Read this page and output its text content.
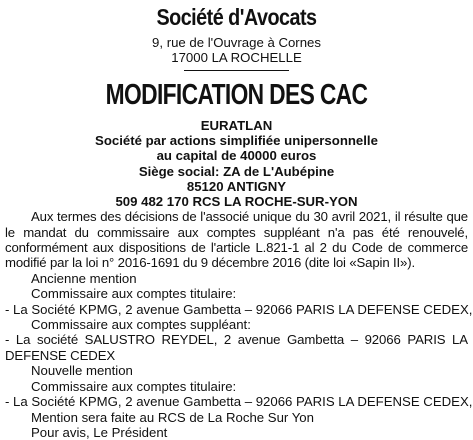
Société d'Avocats
9, rue de l'Ouvrage à Cornes
17000 LA ROCHELLE
MODIFICATION DES CAC
EURATLAN
Société par actions simplifiée unipersonnelle
au capital de 40000 euros
Siège social: ZA de L'Aubépine
85120 ANTIGNY
509 482 170 RCS LA ROCHE-SUR-YON

Aux termes des décisions de l'associé unique du 30 avril 2021, il résulte que le mandat du commissaire aux comptes suppléant n'a pas été renouvelé, conformément aux dispositions de l'article L.821-1 al 2 du Code de commerce modifié par la loi n° 2016-1691 du 9 décembre 2016 (dite loi «Sapin II»).

Ancienne mention

Commissaire aux comptes titulaire:

- La Société KPMG, 2 avenue Gambetta – 92066 PARIS LA DEFENSE CEDEX,

Commissaire aux comptes suppléant:

- La société SALUSTRO REYDEL, 2 avenue Gambetta – 92066 PARIS LA DEFENSE CEDEX

Nouvelle mention

Commissaire aux comptes titulaire:

- La Société KPMG, 2 avenue Gambetta – 92066 PARIS LA DEFENSE CEDEX,

Mention sera faite au RCS de La Roche Sur Yon

Pour avis, Le Président
